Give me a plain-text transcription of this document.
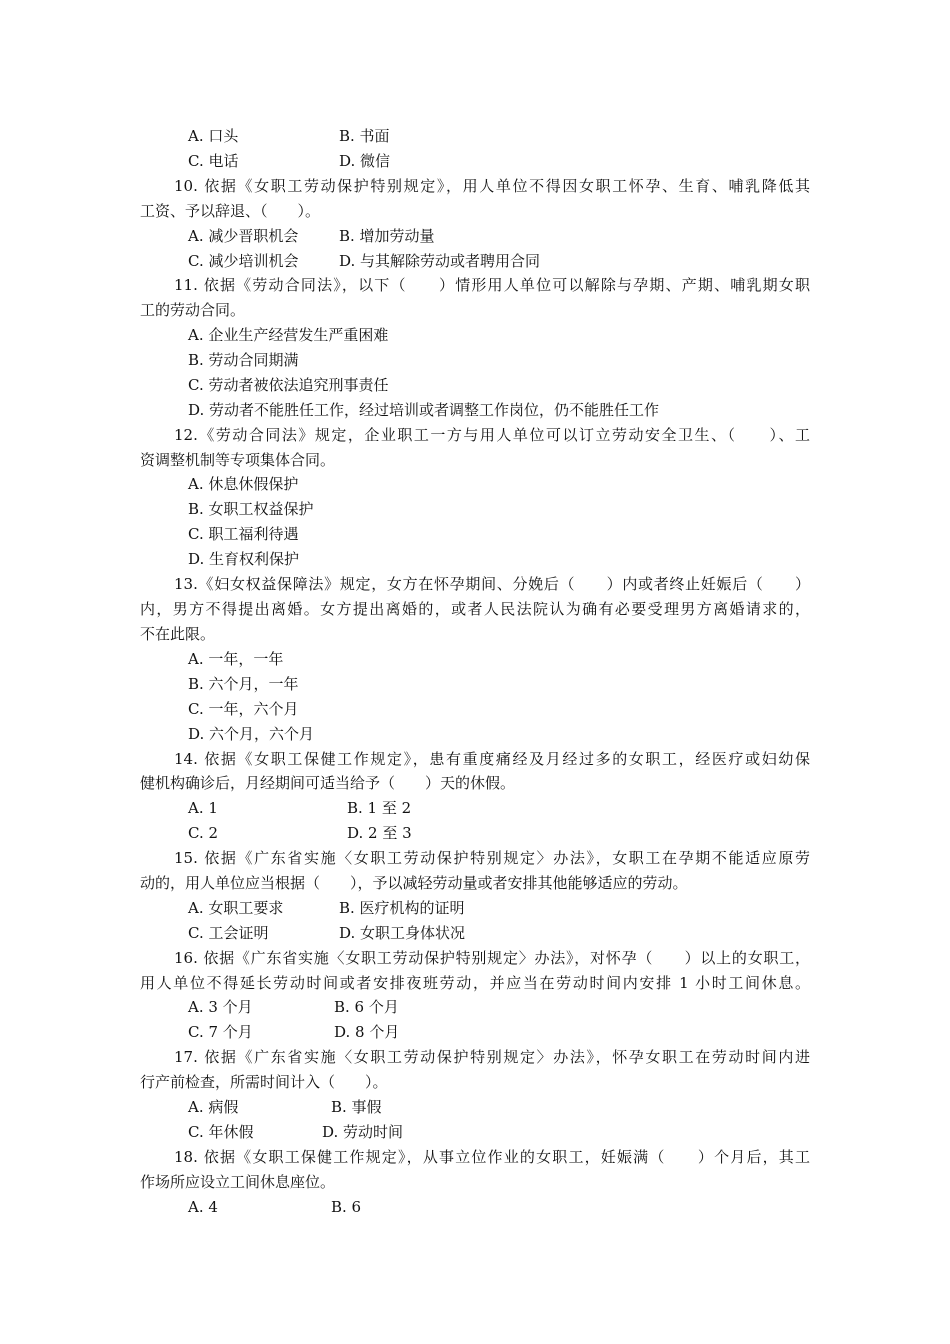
A. 口头	B. 书面
C. 电话	D. 微信
10. 依据《女职工劳动保护特别规定》，用人单位不得因女职工怀孕、生育、哺乳降低其
工资、予以辞退、（　　）。
A. 减少晋职机会	B. 增加劳动量
C. 减少培训机会	D. 与其解除劳动或者聘用合同
11. 依据《劳动合同法》，以下（　　）情形用人单位可以解除与孕期、产期、哺乳期女职
工的劳动合同。
A. 企业生产经营发生严重困难
B. 劳动合同期满
C. 劳动者被依法追究刑事责任
D. 劳动者不能胜任工作，经过培训或者调整工作岗位，仍不能胜任工作
12.《劳动合同法》规定，企业职工一方与用人单位可以订立劳动安全卫生、（　　）、工
资调整机制等专项集体合同。
A. 休息休假保护
B. 女职工权益保护
C. 职工福利待遇
D. 生育权利保护
13.《妇女权益保障法》规定，女方在怀孕期间、分娩后（　　）内或者终止妊娠后（　　）
内，男方不得提出离婚。女方提出离婚的，或者人民法院认为确有必要受理男方离婚请求的，
不在此限。
A. 一年，一年
B. 六个月，一年
C. 一年，六个月
D. 六个月，六个月
14. 依据《女职工保健工作规定》，患有重度痛经及月经过多的女职工，经医疗或妇幼保
健机构确诊后，月经期间可适当给予（　　）天的休假。
A. 1	B. 1 至 2
C. 2	D. 2 至 3
15. 依据《广东省实施〈女职工劳动保护特别规定〉办法》，女职工在孕期不能适应原劳
动的，用人单位应当根据（　　），予以减轻劳动量或者安排其他能够适应的劳动。
A. 女职工要求	B. 医疗机构的证明
C. 工会证明	D. 女职工身体状况
16. 依据《广东省实施〈女职工劳动保护特别规定〉办法》，对怀孕（　　）以上的女职工，
用人单位不得延长劳动时间或者安排夜班劳动，并应当在劳动时间内安排 1 小时工间休息。
A. 3 个月	B. 6 个月
C. 7 个月	D. 8 个月
17. 依据《广东省实施〈女职工劳动保护特别规定〉办法》，怀孕女职工在劳动时间内进
行产前检查，所需时间计入（　　）。
A. 病假	B. 事假
C. 年休假	D. 劳动时间
18. 依据《女职工保健工作规定》，从事立位作业的女职工，妊娠满（　　）个月后，其工
作场所应设立工间休息座位。
A. 4	B. 6
